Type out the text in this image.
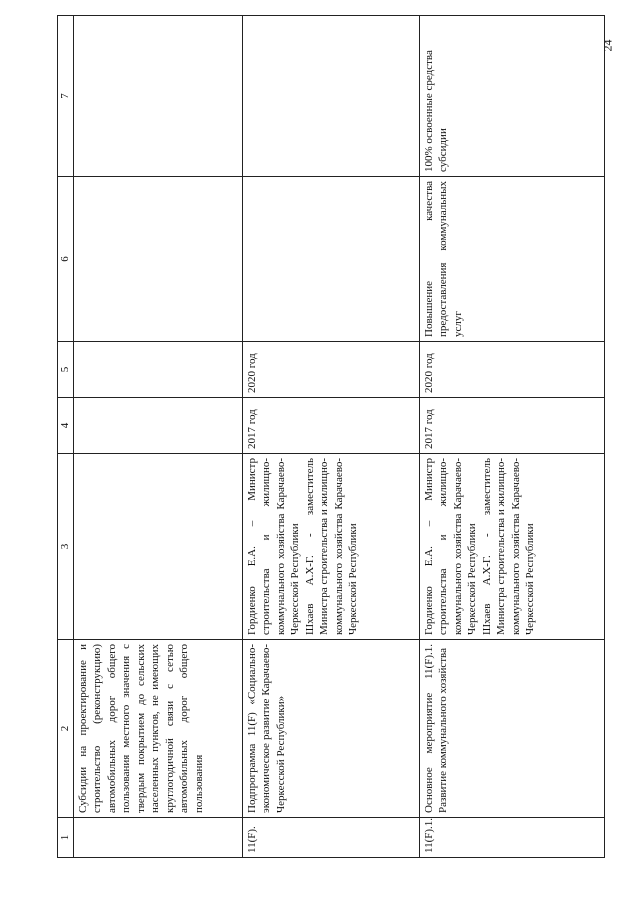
24
1	2	3	4	5	6	7
	Субсидии на проектирование и строительство (реконструкцию) автомобильных дорог общего пользования местного значения с твердым покрытием до сельских населенных пунктов, не имеющих круглогодичной связи с сетью автомобильных дорог общего пользования					
11(F).	Подпрограмма 11(F) «Социально-экономическое развитие Карачаево-Черкесской Республики»	Гордиенко Е.А. – Министр строительства и жилищно-коммунального хозяйства Карачаево-Черкесской Республики Шхаев А.Х-Г. - заместитель Министра строительства и жилищно-коммунального хозяйства Карачаево-Черкесской Республики	2017 год	2020 год		
11(F).1.	Основное мероприятие 11(F).1. Развитие коммунального хозяйства	Гордиенко Е.А. – Министр строительства и жилищно-коммунального хозяйства Карачаево-Черкесской Республики Шхаев А.Х-Г. - заместитель Министра строительства и жилищно-коммунального хозяйства Карачаево-Черкесской Республики	2017 год	2020 год	Повышение качества предоставления коммунальных услуг	100% освоенные средства субсидии
